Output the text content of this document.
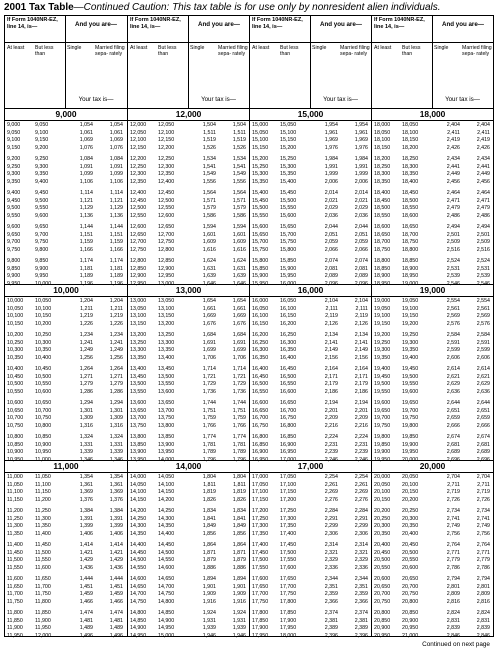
2001 Tax Table—Continued Caution: This tax table is for use only by nonresident alien individuals.
If Form 1040NR-EZ, line 14, is—	And you are—
At least	But less than
Single	Married filing sepa- rately
Your tax is—
9,000
9,000	9,050	1,054	1,054
9,050	9,100	1,061	1,061
9,100	9,150	1,069	1,069
9,150	9,200	1,076	1,076
9,200	9,250	1,084	1,084
9,250	9,300	1,091	1,091
9,300	9,350	1,099	1,099
9,350	9,400	1,106	1,106
9,400	9,450	1,114	1,114
9,450	9,500	1,121	1,121
9,500	9,550	1,129	1,129
9,550	9,600	1,136	1,136
9,600	9,650	1,144	1,144
9,650	9,700	1,151	1,151
9,700	9,750	1,159	1,159
9,750	9,800	1,166	1,166
9,800	9,850	1,174	1,174
9,850	9,900	1,181	1,181
9,900	9,950	1,189	1,189
9,950	10,000	1,196	1,196
10,000
10,000	10,050	1,204	1,204
10,050	10,100	1,211	1,211
10,100	10,150	1,219	1,219
10,150	10,200	1,226	1,226
10,200	10,250	1,234	1,234
10,250	10,300	1,241	1,241
10,300	10,350	1,249	1,249
10,350	10,400	1,256	1,256
10,400	10,450	1,264	1,264
10,450	10,500	1,271	1,271
10,500	10,550	1,279	1,279
10,550	10,600	1,286	1,286
10,600	10,650	1,294	1,294
10,650	10,700	1,301	1,301
10,700	10,750	1,309	1,309
10,750	10,800	1,316	1,316
10,800	10,850	1,324	1,324
10,850	10,900	1,331	1,331
10,900	10,950	1,339	1,339
10,950	11,000	1,346	1,346
11,000
11,000	11,050	1,354	1,354
11,050	11,100	1,361	1,361
11,100	11,150	1,369	1,369
11,150	11,200	1,376	1,376
11,200	11,250	1,384	1,384
11,250	11,300	1,391	1,391
11,300	11,350	1,399	1,399
11,350	11,400	1,406	1,406
11,400	11,450	1,414	1,414
11,450	11,500	1,421	1,421
11,500	11,550	1,429	1,429
11,550	11,600	1,436	1,436
11,600	11,650	1,444	1,444
11,650	11,700	1,451	1,451
11,700	11,750	1,459	1,459
11,750	11,800	1,466	1,466
11,800	11,850	1,474	1,474
11,850	11,900	1,481	1,481
11,900	11,950	1,489	1,489
11,950	12,000	1,496	1,496
If Form 1040NR-EZ, line 14, is—	And you are—
At least	But less than
Single	Married filing sepa- rately
Your tax is—
12,000
12,000	12,050	1,504	1,504
12,050	12,100	1,511	1,511
12,100	12,150	1,519	1,519
12,150	12,200	1,526	1,526
12,200	12,250	1,534	1,534
12,250	12,300	1,541	1,541
12,300	12,350	1,549	1,549
12,350	12,400	1,556	1,556
12,400	12,450	1,564	1,564
12,450	12,500	1,571	1,571
12,500	12,550	1,579	1,579
12,550	12,600	1,586	1,586
12,600	12,650	1,594	1,594
12,650	12,700	1,601	1,601
12,700	12,750	1,609	1,609
12,750	12,800	1,616	1,616
12,800	12,850	1,624	1,624
12,850	12,900	1,631	1,631
12,900	12,950	1,639	1,639
12,950	13,000	1,646	1,646
13,000
13,000	13,050	1,654	1,654
13,050	13,100	1,661	1,661
13,100	13,150	1,669	1,669
13,150	13,200	1,676	1,676
13,200	13,250	1,684	1,684
13,250	13,300	1,691	1,691
13,300	13,350	1,699	1,699
13,350	13,400	1,706	1,706
13,400	13,450	1,714	1,714
13,450	13,500	1,721	1,721
13,500	13,550	1,729	1,729
13,550	13,600	1,736	1,736
13,600	13,650	1,744	1,744
13,650	13,700	1,751	1,751
13,700	13,750	1,759	1,759
13,750	13,800	1,766	1,766
13,800	13,850	1,774	1,774
13,850	13,900	1,781	1,781
13,900	13,950	1,789	1,789
13,950	14,000	1,796	1,796
14,000
14,000	14,050	1,804	1,804
14,050	14,100	1,811	1,811
14,100	14,150	1,819	1,819
14,150	14,200	1,826	1,826
14,200	14,250	1,834	1,834
14,250	14,300	1,841	1,841
14,300	14,350	1,849	1,849
14,350	14,400	1,856	1,856
14,400	14,450	1,864	1,864
14,450	14,500	1,871	1,871
14,500	14,550	1,879	1,879
14,550	14,600	1,886	1,886
14,600	14,650	1,894	1,894
14,650	14,700	1,901	1,901
14,700	14,750	1,909	1,909
14,750	14,800	1,916	1,916
14,800	14,850	1,924	1,924
14,850	14,900	1,931	1,931
14,900	14,950	1,939	1,939
14,950	15,000	1,946	1,946
If Form 1040NR-EZ, line 14, is—	And you are—
At least	But less than
Single	Married filing sepa- rately
Your tax is—
15,000
15,000	15,050	1,954	1,954
15,050	15,100	1,961	1,961
15,100	15,150	1,969	1,969
15,150	15,200	1,976	1,976
15,200	15,250	1,984	1,984
15,250	15,300	1,991	1,991
15,300	15,350	1,999	1,999
15,350	15,400	2,006	2,006
15,400	15,450	2,014	2,014
15,450	15,500	2,021	2,021
15,500	15,550	2,029	2,029
15,550	15,600	2,036	2,036
15,600	15,650	2,044	2,044
15,650	15,700	2,051	2,051
15,700	15,750	2,059	2,059
15,750	15,800	2,066	2,066
15,800	15,850	2,074	2,074
15,850	15,900	2,081	2,081
15,900	15,950	2,089	2,089
15,950	16,000	2,096	2,096
16,000
16,000	16,050	2,104	2,104
16,050	16,100	2,111	2,111
16,100	16,150	2,119	2,119
16,150	16,200	2,126	2,126
16,200	16,250	2,134	2,134
16,250	16,300	2,141	2,141
16,300	16,350	2,149	2,149
16,350	16,400	2,156	2,156
16,400	16,450	2,164	2,164
16,450	16,500	2,171	2,171
16,500	16,550	2,179	2,179
16,550	16,600	2,186	2,186
16,600	16,650	2,194	2,194
16,650	16,700	2,201	2,201
16,700	16,750	2,209	2,209
16,750	16,800	2,216	2,216
16,800	16,850	2,224	2,224
16,850	16,900	2,231	2,231
16,900	16,950	2,239	2,239
16,950	17,000	2,246	2,246
17,000
17,000	17,050	2,254	2,254
17,050	17,100	2,261	2,261
17,100	17,150	2,269	2,269
17,150	17,200	2,276	2,276
17,200	17,250	2,284	2,284
17,250	17,300	2,291	2,291
17,300	17,350	2,299	2,299
17,350	17,400	2,306	2,306
17,400	17,450	2,314	2,314
17,450	17,500	2,321	2,321
17,500	17,550	2,329	2,329
17,550	17,600	2,336	2,336
17,600	17,650	2,344	2,344
17,650	17,700	2,351	2,351
17,700	17,750	2,359	2,359
17,750	17,800	2,366	2,366
17,800	17,850	2,374	2,374
17,850	17,900	2,381	2,381
17,900	17,950	2,389	2,389
17,950	18,000	2,396	2,396
If Form 1040NR-EZ, line 14, is—	And you are—
At least	But less than
Single	Married filing sepa- rately
Your tax is—
18,000
18,000	18,050	2,404	2,404
18,050	18,100	2,411	2,411
18,100	18,150	2,419	2,419
18,150	18,200	2,426	2,426
18,200	18,250	2,434	2,434
18,250	18,300	2,441	2,441
18,300	18,350	2,449	2,449
18,350	18,400	2,456	2,456
18,400	18,450	2,464	2,464
18,450	18,500	2,471	2,471
18,500	18,550	2,479	2,479
18,550	18,600	2,486	2,486
18,600	18,650	2,494	2,494
18,650	18,700	2,501	2,501
18,700	18,750	2,509	2,509
18,750	18,800	2,516	2,516
18,800	18,850	2,524	2,524
18,850	18,900	2,531	2,531
18,900	18,950	2,539	2,539
18,950	19,000	2,546	2,546
19,000
19,000	19,050	2,554	2,554
19,050	19,100	2,561	2,561
19,100	19,150	2,569	2,569
19,150	19,200	2,576	2,576
19,200	19,250	2,584	2,584
19,250	19,300	2,591	2,591
19,300	19,350	2,599	2,599
19,350	19,400	2,606	2,606
19,400	19,450	2,614	2,614
19,450	19,500	2,621	2,621
19,500	19,550	2,629	2,629
19,550	19,600	2,636	2,636
19,600	19,650	2,644	2,644
19,650	19,700	2,651	2,651
19,700	19,750	2,659	2,659
19,750	19,800	2,666	2,666
19,800	19,850	2,674	2,674
19,850	19,900	2,681	2,681
19,900	19,950	2,689	2,689
19,950	20,000	2,696	2,696
20,000
20,000	20,050	2,704	2,704
20,050	20,100	2,711	2,711
20,100	20,150	2,719	2,719
20,150	20,200	2,726	2,726
20,200	20,250	2,734	2,734
20,250	20,300	2,741	2,741
20,300	20,350	2,749	2,749
20,350	20,400	2,756	2,756
20,400	20,450	2,764	2,764
20,450	20,500	2,771	2,771
20,500	20,550	2,779	2,779
20,550	20,600	2,786	2,786
20,600	20,650	2,794	2,794
20,650	20,700	2,801	2,801
20,700	20,750	2,809	2,809
20,750	20,800	2,816	2,816
20,800	20,850	2,824	2,824
20,850	20,900	2,831	2,831
20,900	20,950	2,839	2,839
20,950	21,000	2,846	2,846
Continued on next page
